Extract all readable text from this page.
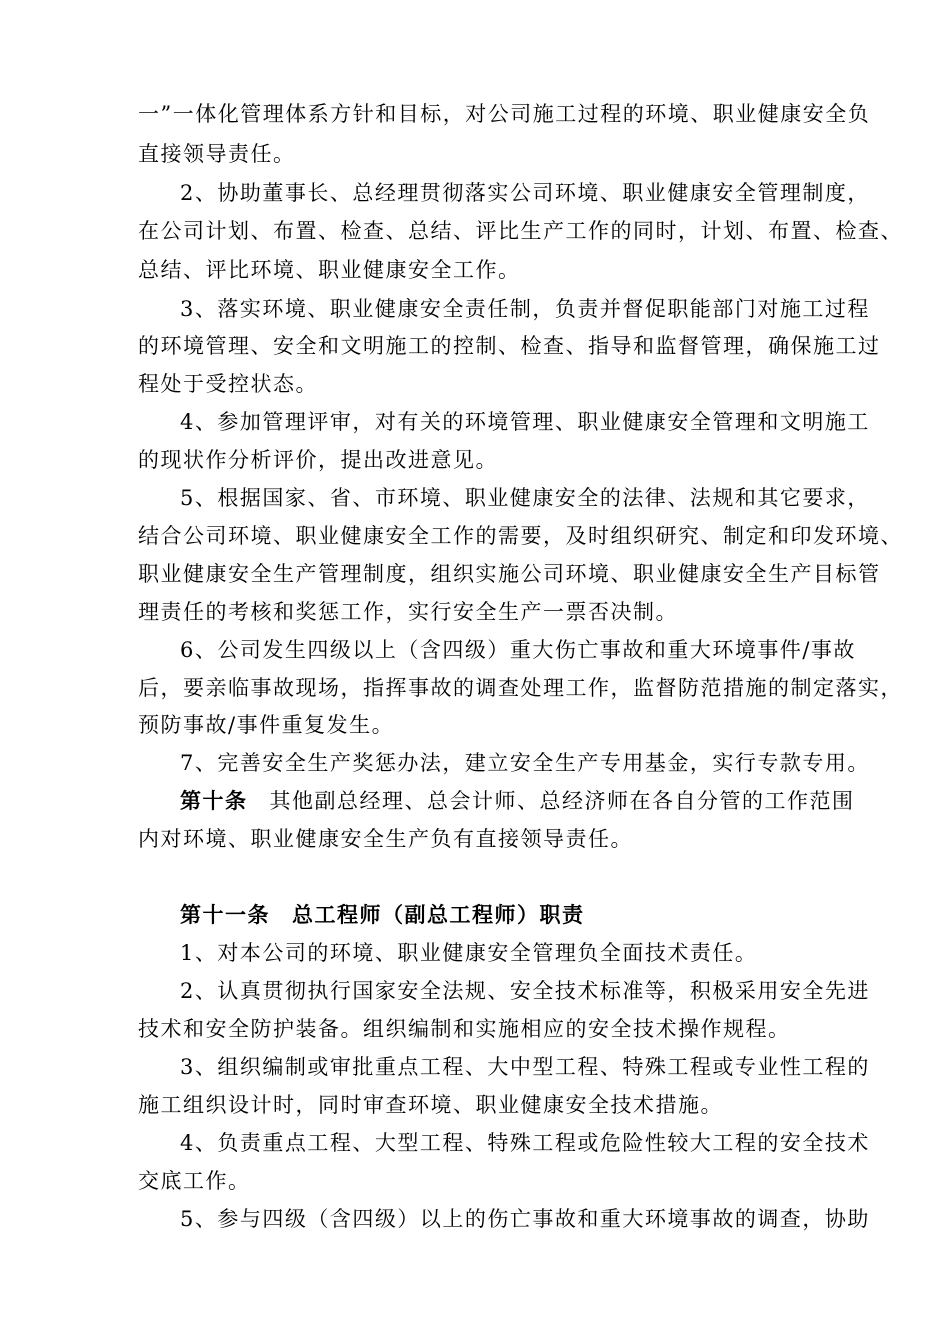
一”一体化管理体系方针和目标，对公司施工过程的环境、职业健康安全负
直接领导责任。
2、协助董事长、总经理贯彻落实公司环境、职业健康安全管理制度，
在公司计划、布置、检查、总结、评比生产工作的同时，计划、布置、检查、
总结、评比环境、职业健康安全工作。
3、落实环境、职业健康安全责任制，负责并督促职能部门对施工过程
的环境管理、安全和文明施工的控制、检查、指导和监督管理，确保施工过
程处于受控状态。
4、参加管理评审，对有关的环境管理、职业健康安全管理和文明施工
的现状作分析评价，提出改进意见。
5、根据国家、省、市环境、职业健康安全的法律、法规和其它要求，
结合公司环境、职业健康安全工作的需要，及时组织研究、制定和印发环境、
职业健康安全生产管理制度，组织实施公司环境、职业健康安全生产目标管
理责任的考核和奖惩工作，实行安全生产一票否决制。
6、公司发生四级以上（含四级）重大伤亡事故和重大环境事件/事故
后，要亲临事故现场，指挥事故的调查处理工作，监督防范措施的制定落实，
预防事故/事件重复发生。
7、完善安全生产奖惩办法，建立安全生产专用基金，实行专款专用。
第十条 其他副总经理、总会计师、总经济师在各自分管的工作范围
内对环境、职业健康安全生产负有直接领导责任。
第十一条 总工程师（副总工程师）职责
1、对本公司的环境、职业健康安全管理负全面技术责任。
2、认真贯彻执行国家安全法规、安全技术标准等，积极采用安全先进
技术和安全防护装备。组织编制和实施相应的安全技术操作规程。
3、组织编制或审批重点工程、大中型工程、特殊工程或专业性工程的
施工组织设计时，同时审查环境、职业健康安全技术措施。
4、负责重点工程、大型工程、特殊工程或危险性较大工程的安全技术
交底工作。
5、参与四级（含四级）以上的伤亡事故和重大环境事故的调查，协助
